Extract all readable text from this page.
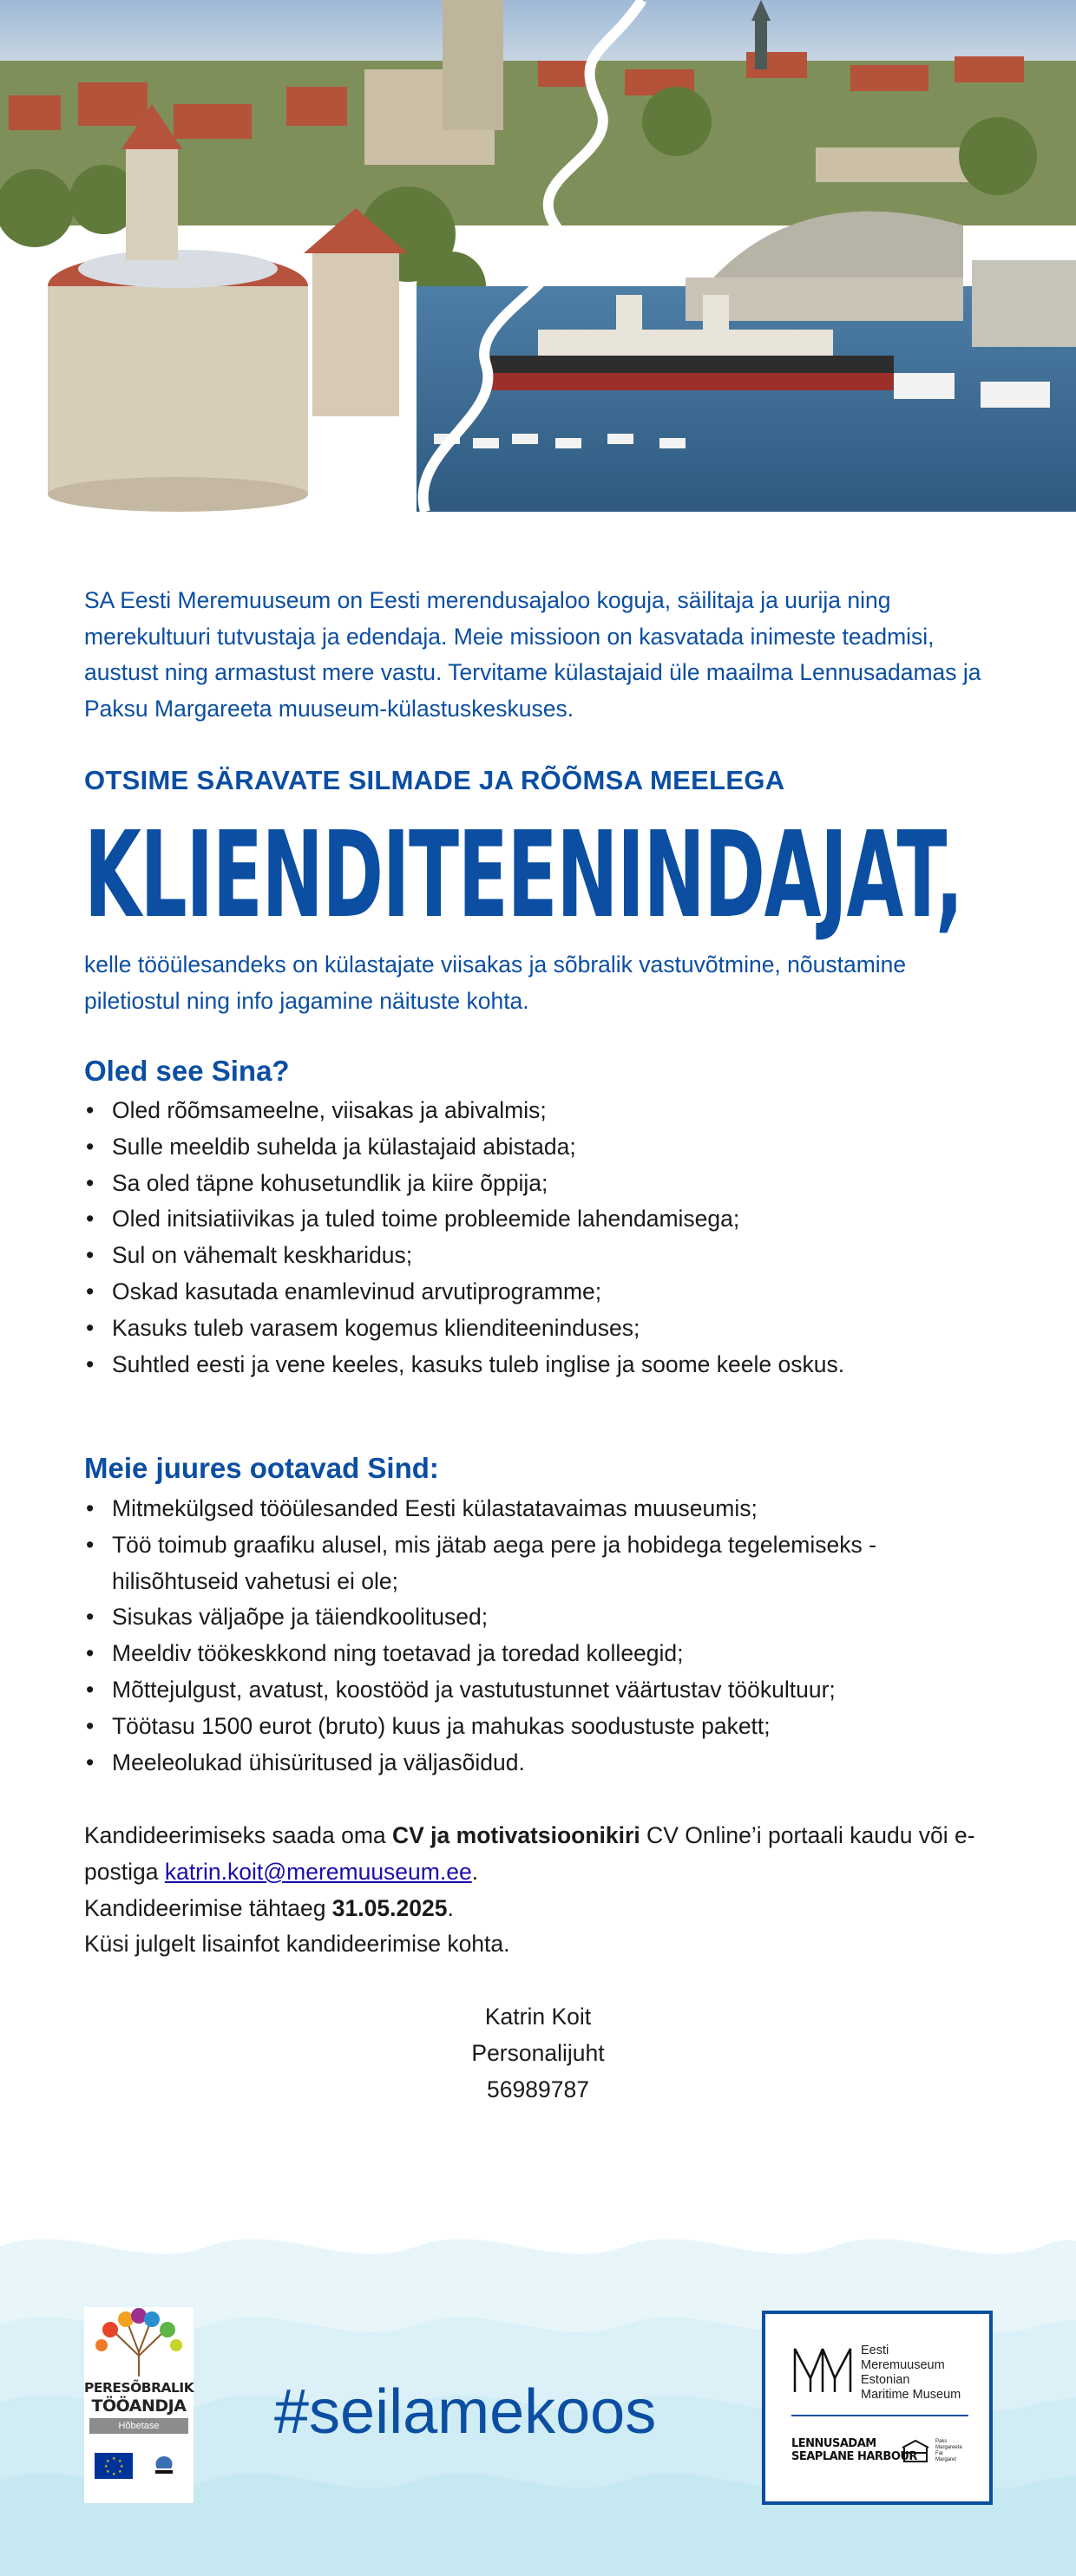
SA Eesti Meremuuseum on Eesti merendusajaloo koguja, säilitaja ja uurija ning merekultuuri tutvustaja ja edendaja. Meie missioon on kasvatada inimeste teadmisi, austust ning armastust mere vastu. Tervitame külastajaid üle maailma Lennusadamas ja Paksu Margareeta muuseum-külastuskeskuses.
OTSIME SÄRAVATE SILMADE JA RÕÕMSA MEELEGA
KLIENDITEENINDAJAT,
kelle tööülesandeks on külastajate viisakas ja sõbralik vastuvõtmine, nõustamine piletiostul ning info jagamine näituste kohta.
Oled see Sina?
• Oled rõõmsameelne, viisakas ja abivalmis;
• Sulle meeldib suhelda ja külastajaid abistada;
• Sa oled täpne kohusetundlik ja kiire õppija;
• Oled initsiatiivikas ja tuled toime probleemide lahendamisega;
• Sul on vähemalt keskharidus;
• Oskad kasutada enamlevinud arvutiprogramme;
• Kasuks tuleb varasem kogemus klienditeeninduses;
• Suhtled eesti ja vene keeles, kasuks tuleb inglise ja soome keele oskus.
Meie juures ootavad Sind:
• Mitmekülgsed tööülesanded Eesti külastatavaimas muuseumis;
• Töö toimub graafiku alusel, mis jätab aega pere ja hobidega tegelemiseks - hilisõhtuseid vahetusi ei ole;
• Sisukas väljaõpe ja täiendkoolitused;
• Meeldiv töökeskkond ning toetavad ja toredad kolleegid;
• Mõttejulgust, avatust, koostööd ja vastutustunnet väärtustav töökultuur;
• Töötasu 1500 eurot (bruto) kuus ja mahukas soodustuste pakett;
• Meeleolukad ühisüritused ja väljasõidud.
Kandideerimiseks saada oma CV ja motivatsioonikiri CV Online’i portaali kaudu või e-postiga katrin.koit@meremuuseum.ee.
Kandideerimise tähtaeg 31.05.2025.
Küsi julgelt lisainfot kandideerimise kohta.
Katrin Koit
Personalijuht
56989787
PERESÕBRALIK
TÖÖANDJA
Hõbetase
★ ★
★
★
★
★
★
★
#seilamekoos
Eesti
Meremuuseum
Estonian
Maritime Museum
LENNUSADAM
SEAPLANE HARBOUR
Paks
Margareeta
Fat
Margaret
